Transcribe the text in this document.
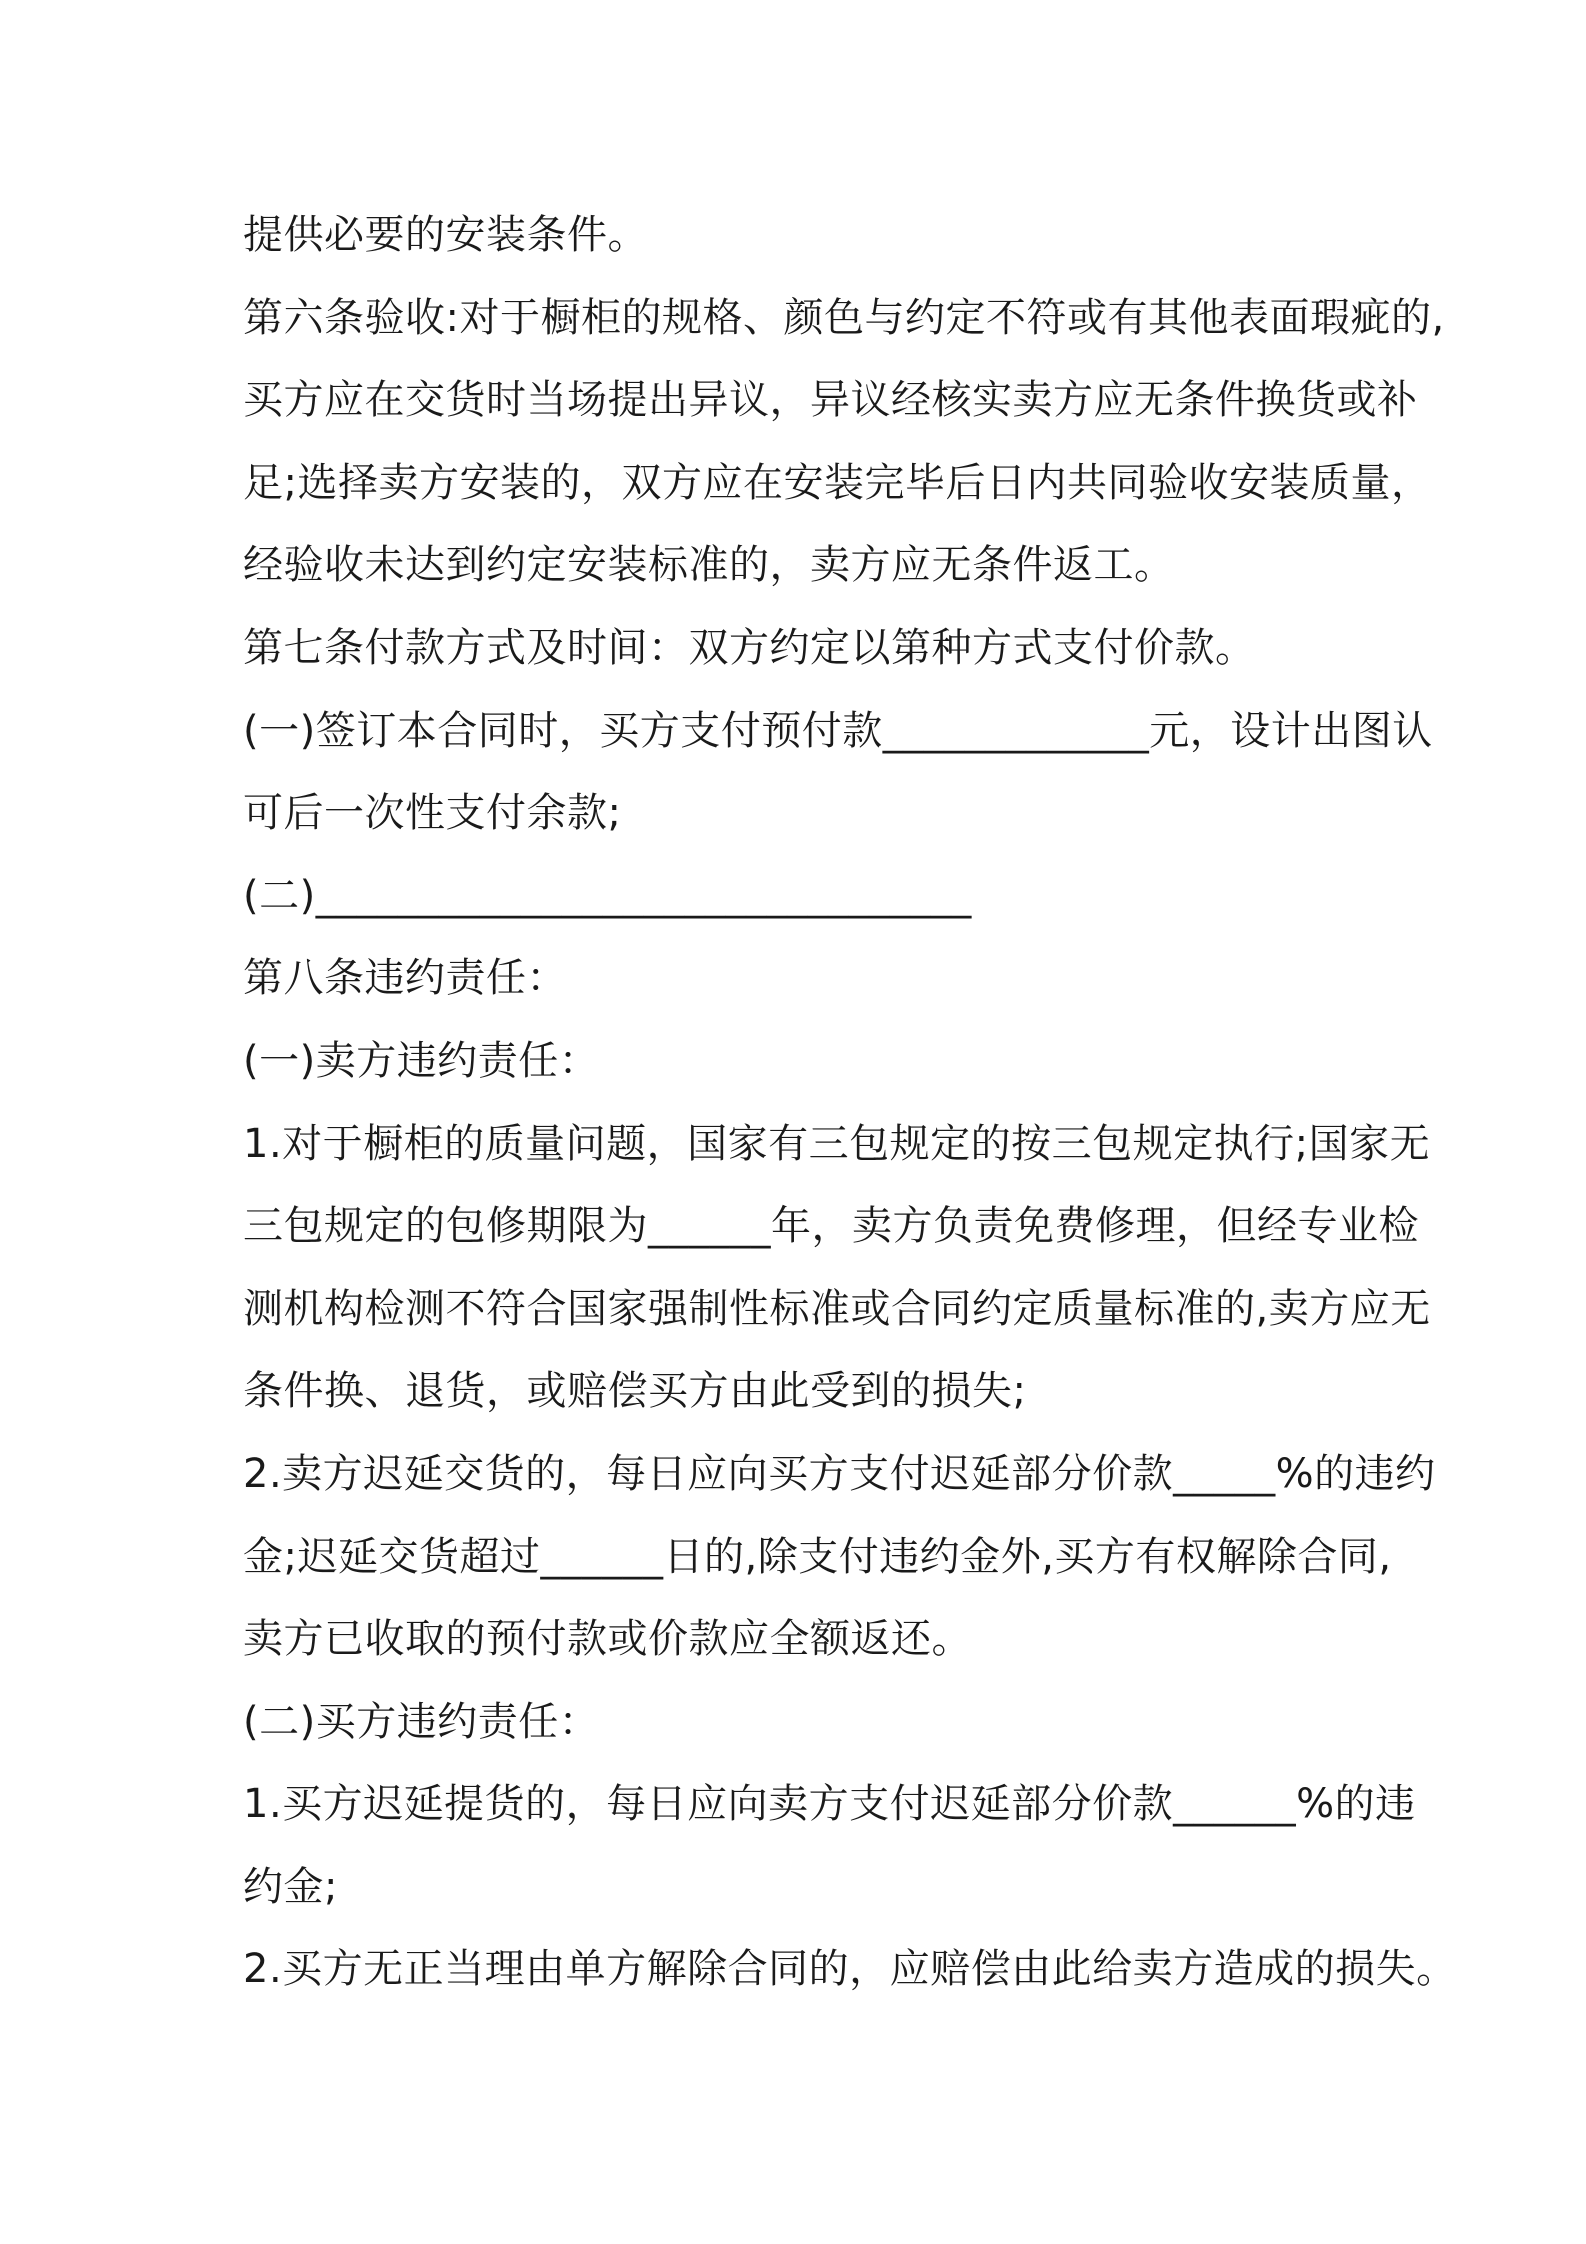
提供必要的安装条件。
第六条验收:对于橱柜的规格、颜色与约定不符或有其他表面瑕疵的,
买方应在交货时当场提出异议，异议经核实卖方应无条件换货或补
足;选择卖方安装的，双方应在安装完毕后日内共同验收安装质量，
经验收未达到约定安装标准的，卖方应无条件返工。
第七条付款方式及时间：双方约定以第种方式支付价款。
(一)签订本合同时，买方支付预付款_____________元，设计出图认
可后一次性支付余款;
(二)________________________________
第八条违约责任：
(一)卖方违约责任：
1.对于橱柜的质量问题，国家有三包规定的按三包规定执行;国家无
三包规定的包修期限为______年，卖方负责免费修理，但经专业检
测机构检测不符合国家强制性标准或合同约定质量标准的,卖方应无
条件换、退货，或赔偿买方由此受到的损失;
2.卖方迟延交货的，每日应向买方支付迟延部分价款_____%的违约
金;迟延交货超过______日的,除支付违约金外,买方有权解除合同,
卖方已收取的预付款或价款应全额返还。
(二)买方违约责任：
1.买方迟延提货的，每日应向卖方支付迟延部分价款______%的违
约金;
2.买方无正当理由单方解除合同的，应赔偿由此给卖方造成的损失。
